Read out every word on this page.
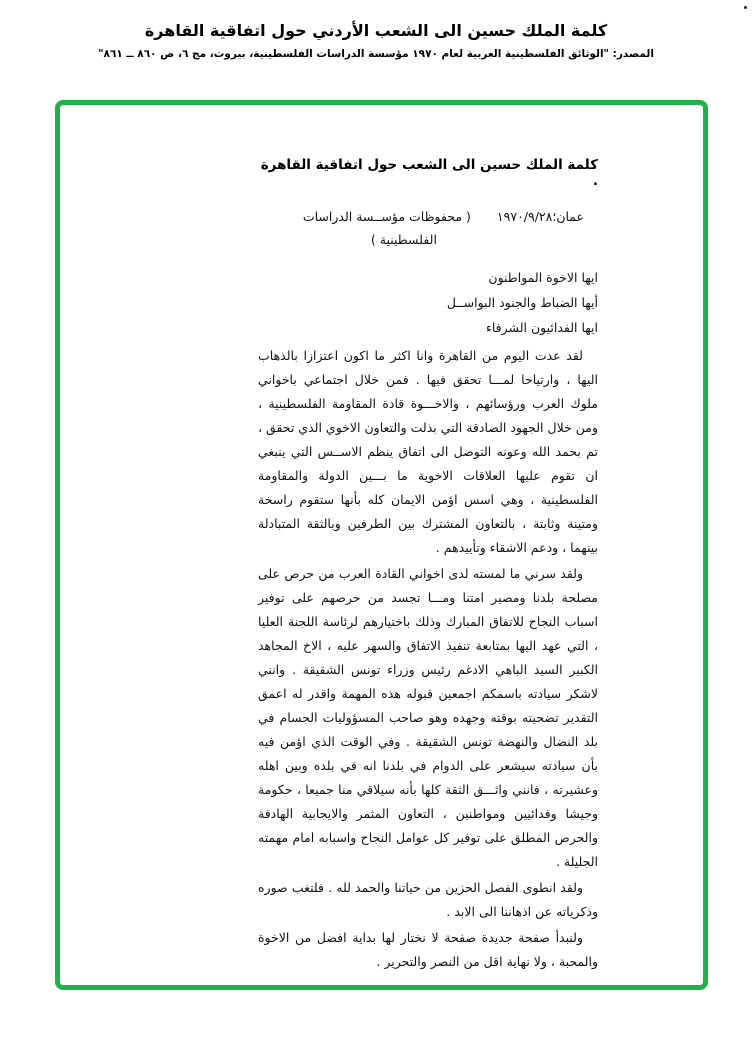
كلمة الملك حسين الى الشعب الأردني حول اتفاقية القاهرة

المصدر: "الوثائق الفلسطينية العربية لعام ١٩٧٠ مؤسسة الدراسات الفلسطينية، بيروت، مج ٦، ص ٨٦٠ ــ ٨٦١"

كلمة الملك حسين الى الشعب حول اتفاقية القاهرة .
عمان؛١٩٧٠/٩/٢٨
( محفوظات مؤســسة الدراسات
الفلسطينية )

ايها الاخوة المواطنون

أيها الضباط والجنود البواســل

ايها الفدائيون الشرفاء

لقد عدت اليوم من القاهرة وانا اكثر ما اكون اعتزازا بالذهاب اليها ، وارتياحا لمـــا تحقق فيها . فمن خلال اجتماعي باخواني ملوك العرب ورؤسائهم ، والاخـــوة قادة المقاومة الفلسطينية ، ومن خلال الجهود الصادقة التي بذلت والتعاون الاخوي الذي تحقق ، تم بحمد الله وعونه التوصل الى اتفاق ينظم الاســس التي ينبغي ان تقوم عليها العلاقات الاخوية ما بـــين الدولة والمقاومة الفلسطينية ، وهي اسس اؤمن الايمان كله بأنها ستقوم راسخة ومتينة وثابتة ، بالتعاون المشترك بين الطرفين وبالثقة المتبادلة بينهما ، ودعم الاشقاء وتأييدهم .

ولقد سرني ما لمسته لدى اخواني القادة العرب من حرص على مصلحة بلدنا ومصير امتنا ومـــا تجسد من حرصهم على توفير اسباب النجاح للاتفاق المبارك وذلك باختيارهم لرئاسة اللجنة العليا ، التي عهد اليها بمتابعة تنفيذ الاتفاق والسهر عليه ، الاخ المجاهد الكبير السيد الباهي الادغم رئيس وزراء تونس الشقيقة . وانني لاشكر سيادته باسمكم اجمعين قبوله هذه المهمة واقدر له اعمق التقدير تضحيته بوقته وجهده وهو صاحب المسؤوليات الجسام في بلد النضال والنهضة تونس الشقيقة . وفي الوقت الذي اؤمن فيه بأن سيادته سيشعر على الدوام في بلدنا انه في بلده وبين اهله وعشيرته ، فانني واثـــق الثقة كلها بأنه سيلاقي منا جميعا ، حكومة وجيشا وفدائيين ومواطنين ، التعاون المثمر والايجابية الهادفة والحرص المطلق على توفير كل عوامل النجاح واسبابه امام مهمته الجليلة .

ولقد انطوى الفصل الحزين من حياتنا والحمد لله . فلتغب صوره وذكرياته عن اذهاننا الى الابد .

ولنبدأ صفحة جديدة صفحة لا نختار لها بداية افضل من الاخوة والمحبة ، ولا نهاية اقل من النصر والتحرير .
